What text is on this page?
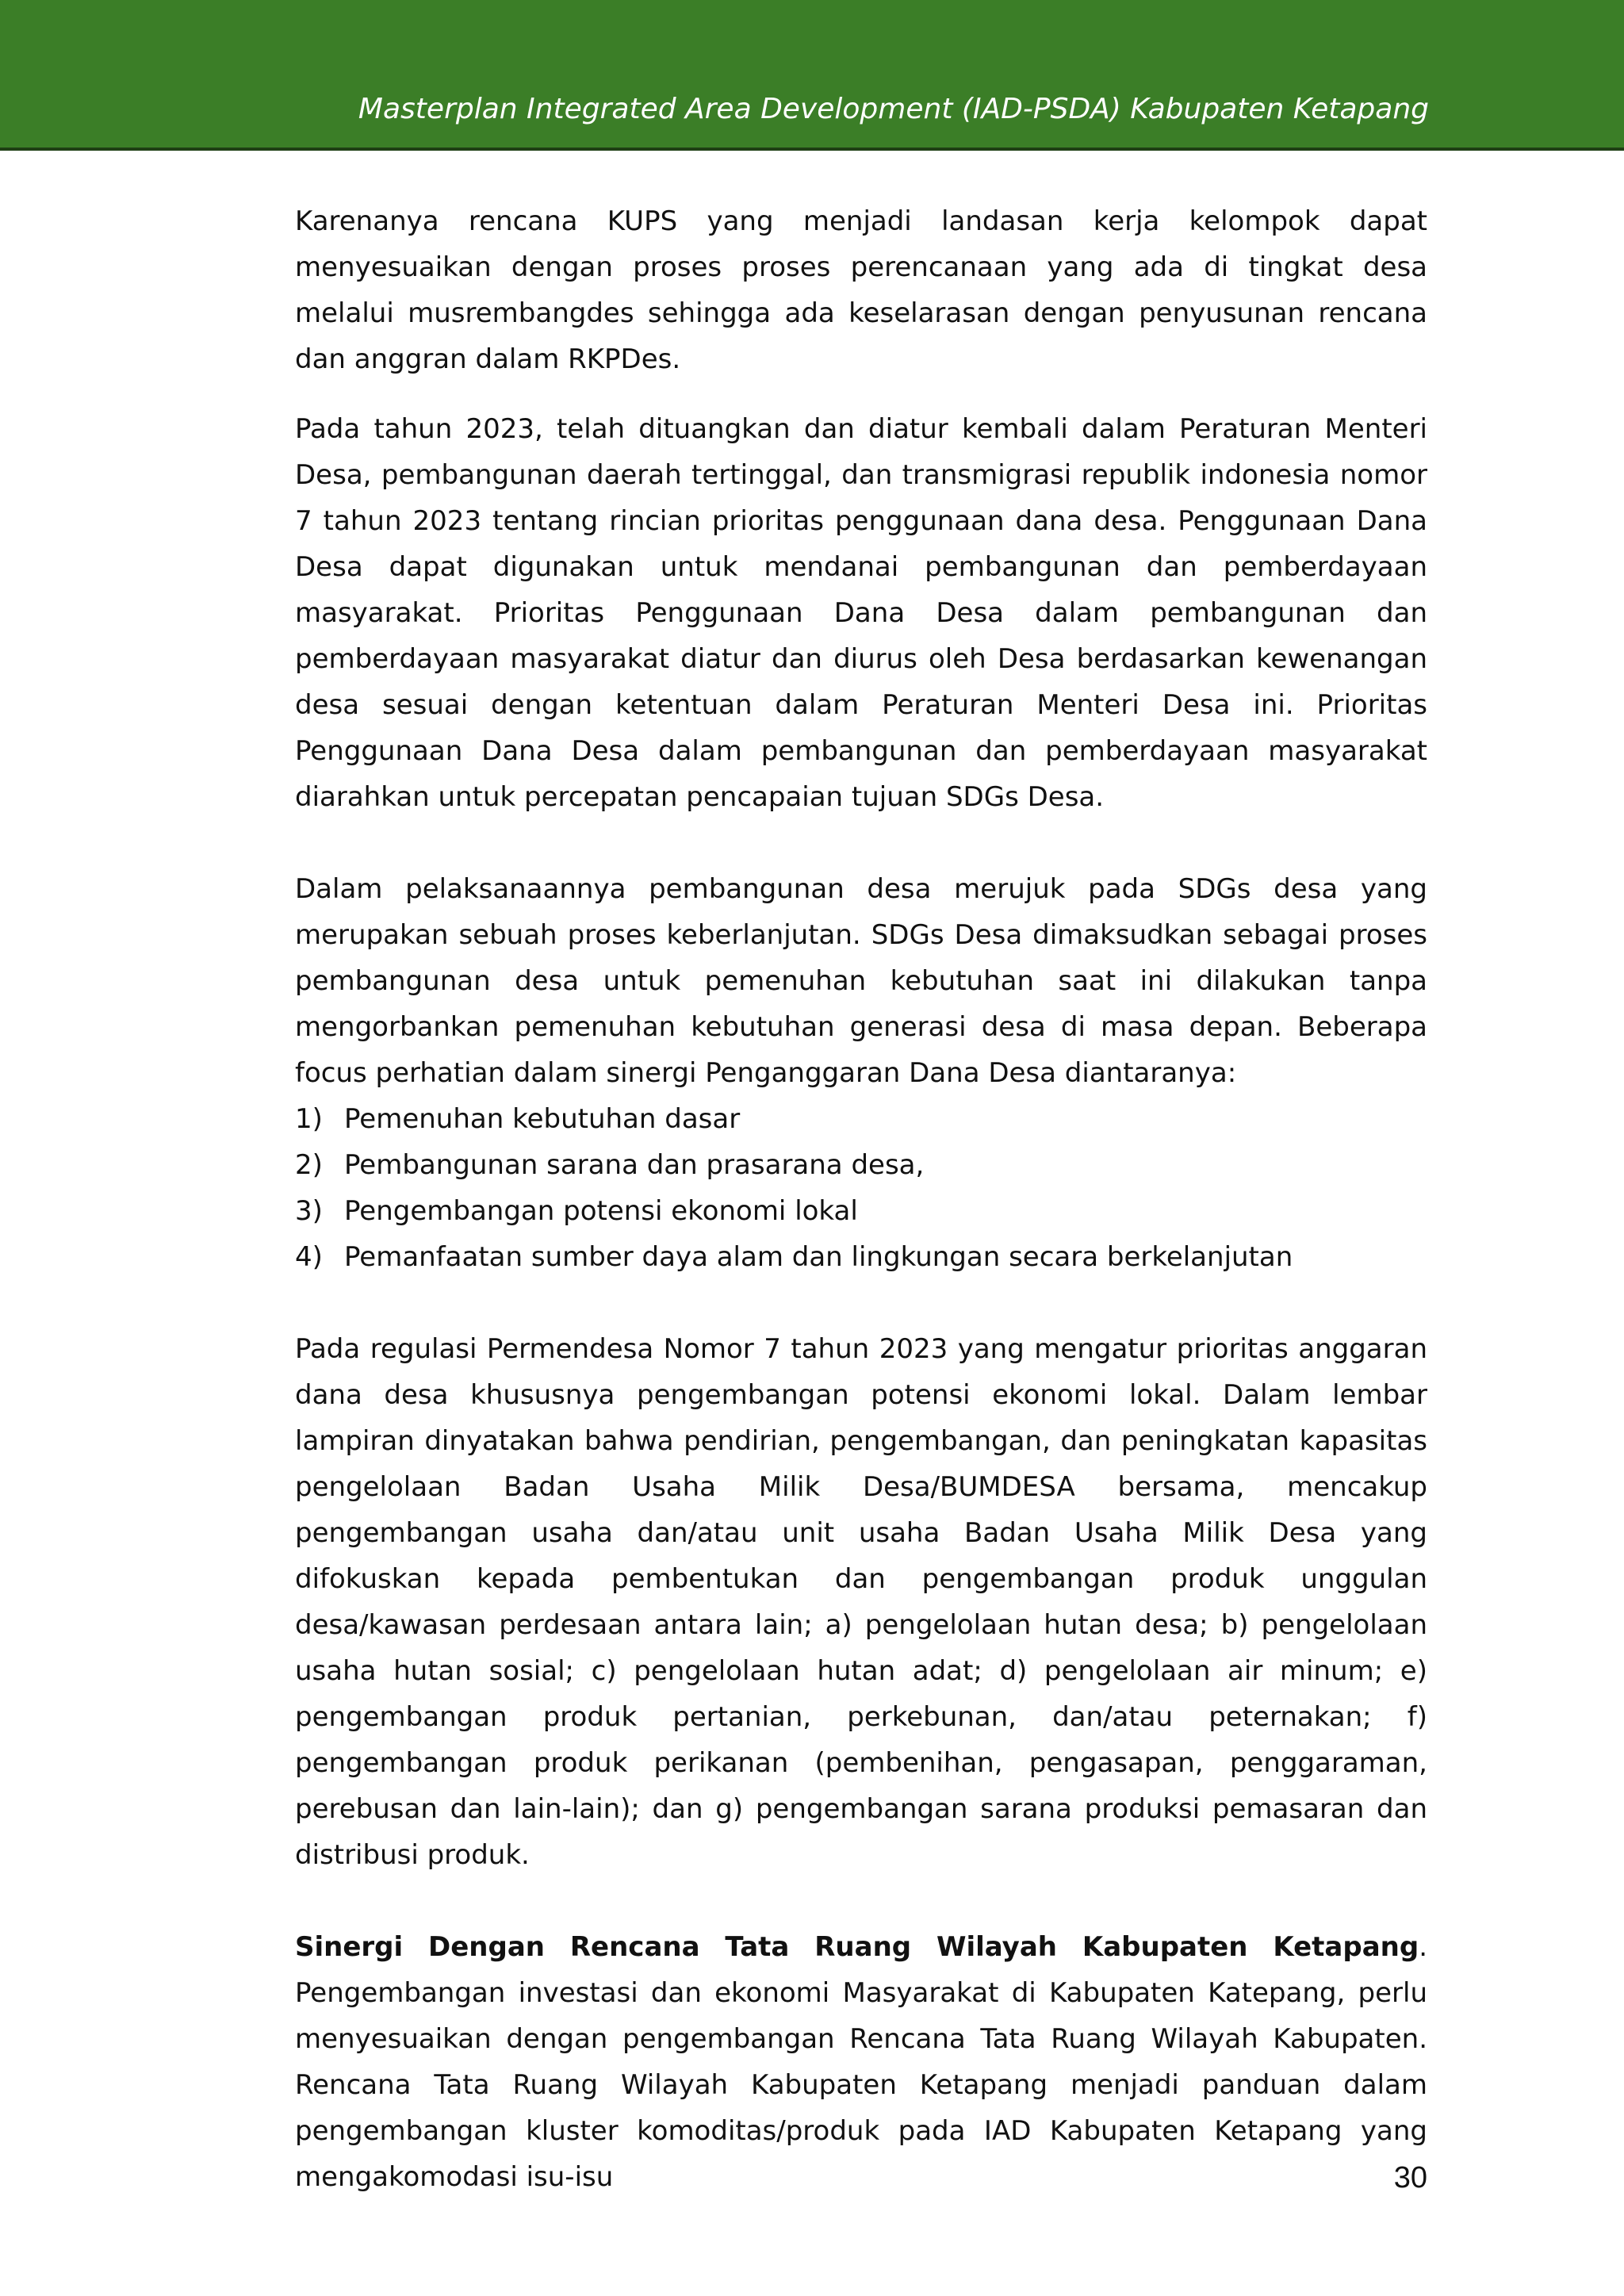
Masterplan Integrated Area Development (IAD-PSDA) Kabupaten Ketapang

Karenanya rencana KUPS yang menjadi landasan kerja kelompok dapat menyesuaikan dengan proses proses perencanaan yang ada di tingkat desa melalui musrembangdes sehingga ada keselarasan dengan penyusunan rencana dan anggran dalam RKPDes.

Pada tahun 2023, telah dituangkan dan diatur kembali dalam Peraturan Menteri Desa, pembangunan daerah tertinggal, dan transmigrasi republik indonesia nomor 7 tahun 2023 tentang rincian prioritas penggunaan dana desa. Penggunaan Dana Desa dapat digunakan untuk mendanai pembangunan dan pemberdayaan masyarakat. Prioritas Penggunaan Dana Desa dalam pembangunan dan pemberdayaan masyarakat diatur dan diurus oleh Desa berdasarkan kewenangan desa sesuai dengan ketentuan dalam Peraturan Menteri Desa ini. Prioritas Penggunaan Dana Desa dalam pembangunan dan pemberdayaan masyarakat diarahkan untuk percepatan pencapaian tujuan SDGs Desa.

Dalam pelaksanaannya pembangunan desa merujuk pada SDGs desa yang merupakan sebuah proses keberlanjutan. SDGs Desa dimaksudkan sebagai proses pembangunan desa untuk pemenuhan kebutuhan saat ini dilakukan tanpa mengorbankan pemenuhan kebutuhan generasi desa di masa depan. Beberapa focus perhatian dalam sinergi Penganggaran Dana Desa diantaranya:

1) Pemenuhan kebutuhan dasar
2) Pembangunan sarana dan prasarana desa,
3) Pengembangan potensi ekonomi lokal
4) Pemanfaatan sumber daya alam dan lingkungan secara berkelanjutan

Pada regulasi Permendesa Nomor 7 tahun 2023 yang mengatur prioritas anggaran dana desa khususnya pengembangan potensi ekonomi lokal. Dalam lembar lampiran dinyatakan bahwa pendirian, pengembangan, dan peningkatan kapasitas pengelolaan Badan Usaha Milik Desa/BUMDESA bersama, mencakup pengembangan usaha dan/atau unit usaha Badan Usaha Milik Desa yang difokuskan kepada pembentukan dan pengembangan produk unggulan desa/kawasan perdesaan antara lain; a) pengelolaan hutan desa; b) pengelolaan usaha hutan sosial; c) pengelolaan hutan adat; d) pengelolaan air minum; e) pengembangan produk pertanian, perkebunan, dan/atau peternakan; f) pengembangan produk perikanan (pembenihan, pengasapan, penggaraman, perebusan dan lain-lain); dan g) pengembangan sarana produksi pemasaran dan distribusi produk.

Sinergi Dengan Rencana Tata Ruang Wilayah Kabupaten Ketapang. Pengembangan investasi dan ekonomi Masyarakat di Kabupaten Katepang, perlu menyesuaikan dengan pengembangan Rencana Tata Ruang Wilayah Kabupaten. Rencana Tata Ruang Wilayah Kabupaten Ketapang menjadi panduan dalam pengembangan kluster komoditas/produk pada IAD Kabupaten Ketapang yang mengakomodasi isu-isu	30
